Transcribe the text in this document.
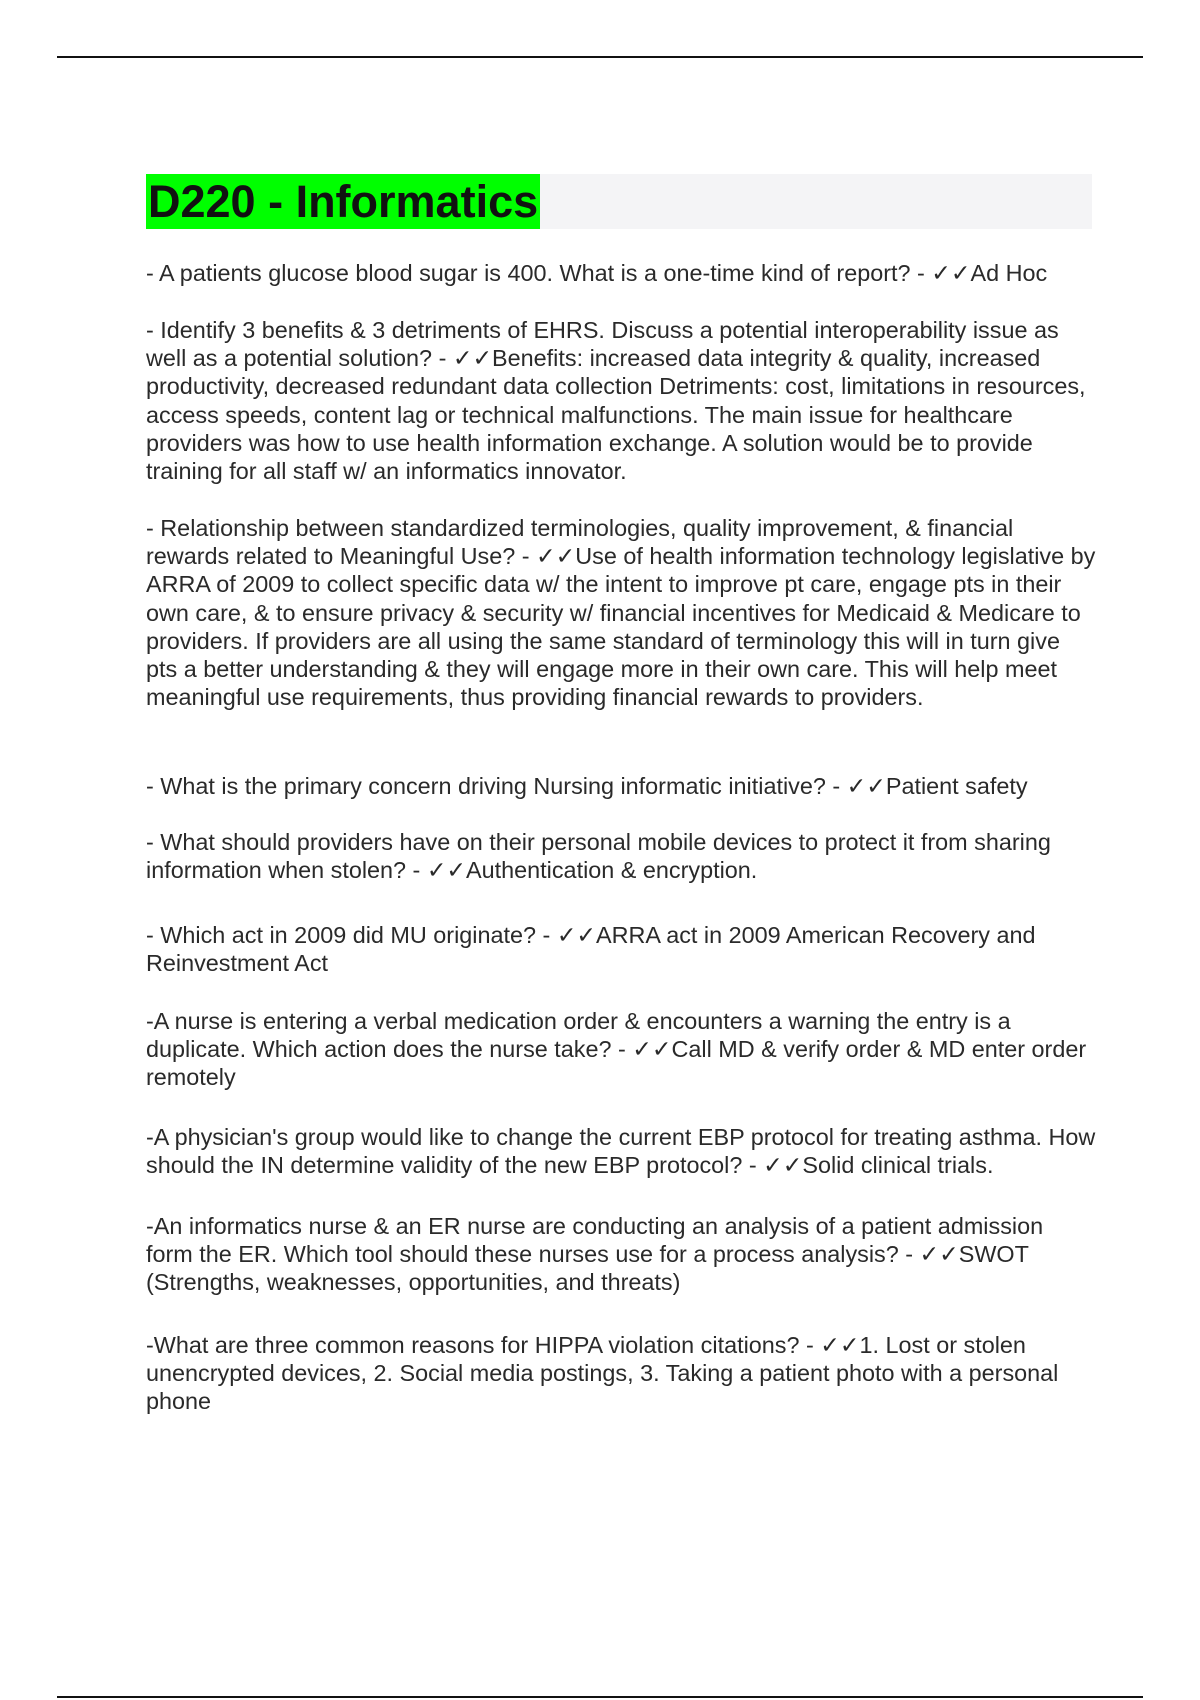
D220 - Informatics

- A patients glucose blood sugar is 400. What is a one-time kind of report? - ✓✓Ad Hoc

- Identify 3 benefits & 3 detriments of EHRS. Discuss a potential interoperability issue as well as a potential solution? - ✓✓Benefits: increased data integrity & quality, increased productivity, decreased redundant data collection Detriments: cost, limitations in resources, access speeds, content lag or technical malfunctions. The main issue for healthcare providers was how to use health information exchange. A solution would be to provide training for all staff w/ an informatics innovator.

- Relationship between standardized terminologies, quality improvement, & financial rewards related to Meaningful Use? - ✓✓Use of health information technology legislative by ARRA of 2009 to collect specific data w/ the intent to improve pt care, engage pts in their own care, & to ensure privacy & security w/ financial incentives for Medicaid & Medicare to providers. If providers are all using the same standard of terminology this will in turn give pts a better understanding & they will engage more in their own care. This will help meet meaningful use requirements, thus providing financial rewards to providers.

- What is the primary concern driving Nursing informatic initiative? - ✓✓Patient safety

- What should providers have on their personal mobile devices to protect it from sharing information when stolen? - ✓✓Authentication & encryption.

- Which act in 2009 did MU originate? - ✓✓ARRA act in 2009 American Recovery and Reinvestment Act

-A nurse is entering a verbal medication order & encounters a warning the entry is a duplicate. Which action does the nurse take? - ✓✓Call MD & verify order & MD enter order remotely

-A physician's group would like to change the current EBP protocol for treating asthma. How should the IN determine validity of the new EBP protocol? - ✓✓Solid clinical trials.

-An informatics nurse & an ER nurse are conducting an analysis of a patient admission form the ER. Which tool should these nurses use for a process analysis? - ✓✓SWOT (Strengths, weaknesses, opportunities, and threats)

-What are three common reasons for HIPPA violation citations? - ✓✓1. Lost or stolen unencrypted devices, 2. Social media postings, 3. Taking a patient photo with a personal phone
